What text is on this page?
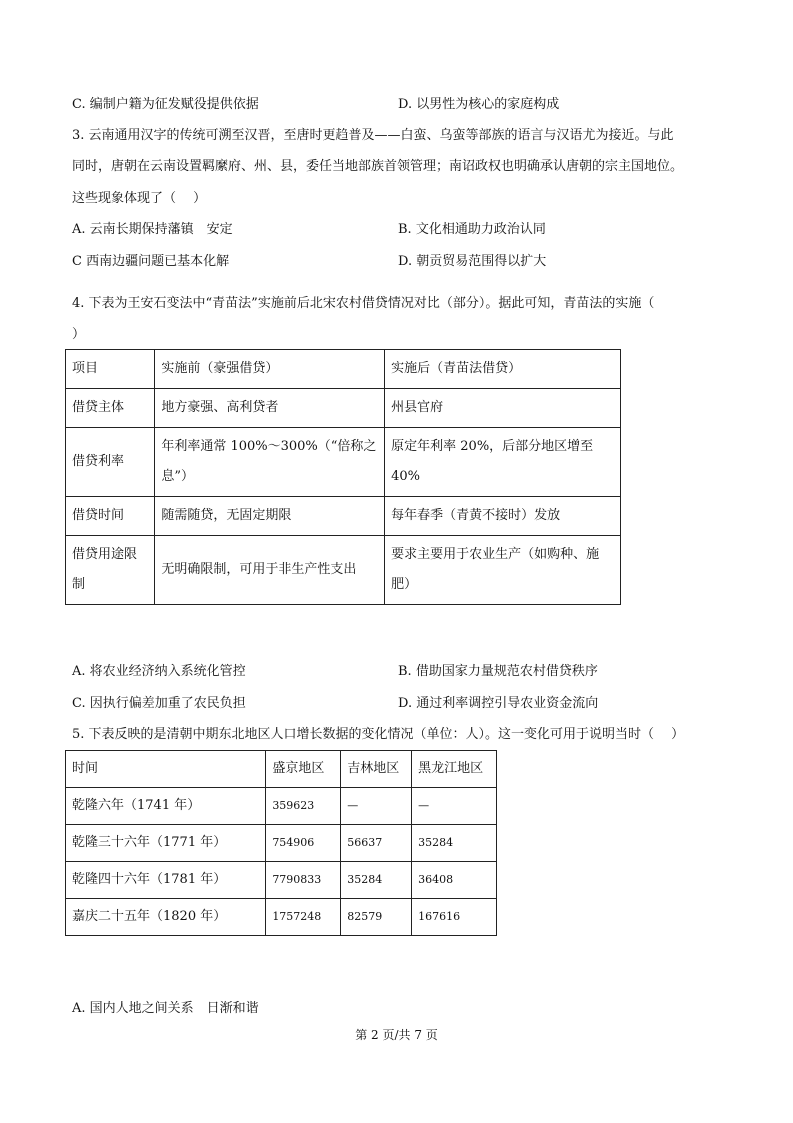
C. 编制户籍为征发赋役提供依据	D. 以男性为核心的家庭构成
3. 云南通用汉字的传统可溯至汉晋，至唐时更趋普及——白蛮、乌蛮等部族的语言与汉语尤为接近。与此
同时，唐朝在云南设置羁縻府、州、县，委任当地部族首领管理；南诏政权也明确承认唐朝的宗主国地位。
这些现象体现了（　 ）
A. 云南长期保持藩镇　安定	B. 文化相通助力政治认同
C 西南边疆问题已基本化解	D. 朝贡贸易范围得以扩大
4. 下表为王安石变法中“青苗法”实施前后北宋农村借贷情况对比（部分）。据此可知，青苗法的实施（
）
项目	实施前（豪强借贷）	实施后（青苗法借贷）
借贷主体	地方豪强、高利贷者	州县官府
借贷利率	年利率通常 100%～300%（“倍称之息”）	原定年利率 20%，后部分地区增至 40%
借贷时间	随需随贷，无固定期限	每年春季（青黄不接时）发放
借贷用途限制	无明确限制，可用于非生产性支出	要求主要用于农业生产（如购种、施肥）
A. 将农业经济纳入系统化管控	B. 借助国家力量规范农村借贷秩序
C. 因执行偏差加重了农民负担	D. 通过利率调控引导农业资金流向
5. 下表反映的是清朝中期东北地区人口增长数据的变化情况（单位：人）。这一变化可用于说明当时（　 ）
时间	盛京地区	吉林地区	黑龙江地区
乾隆六年（1741 年）	359623	—	—
乾隆三十六年（1771 年）	754906	56637	35284
乾隆四十六年（1781 年）	7790833	35284	36408
嘉庆二十五年（1820 年）	1757248	82579	167616
A. 国内人地之间关系　日渐和谐
第 2 页/共 7 页
